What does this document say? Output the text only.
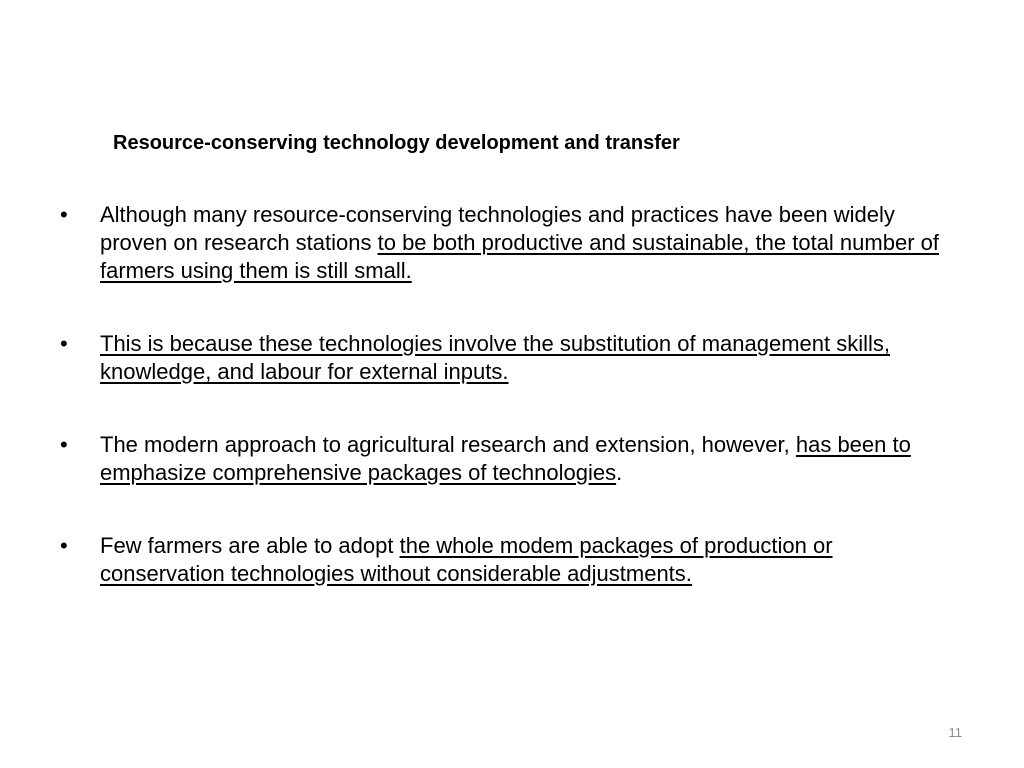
Resource-conserving technology development and transfer
•	Although many resource-conserving technologies and practices have been widely proven on research stations to be both productive and sustainable, the total number of farmers using them is still small.
•	This is because these technologies involve the substitution of management skills, knowledge, and labour for external inputs.
•	The modern approach to agricultural research and extension, however, has been to emphasize comprehensive packages of technologies.
•	Few farmers are able to adopt the whole modem packages of production or conservation technologies without considerable adjustments.
11
